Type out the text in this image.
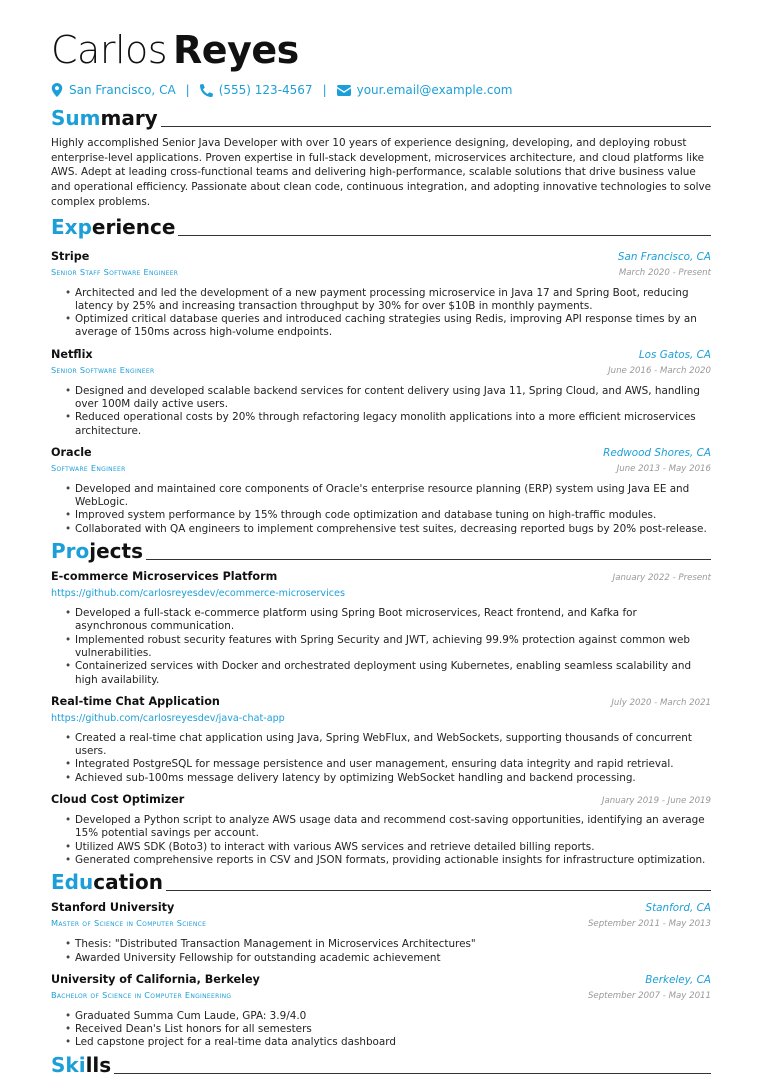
Carlos Reyes
San Francisco, CA | (555) 123-4567 |	your.email@example.com
Summary
Highly accomplished Senior Java Developer with over 10 years of experience designing, developing, and deploying robust enterprise-level applications. Proven expertise in full-stack development, microservices architecture, and cloud platforms like AWS. Adept at leading cross-functional teams and delivering high-performance, scalable solutions that drive business value and operational efficiency. Passionate about clean code, continuous integration, and adopting innovative technologies to solve complex problems.
Experience
Stripe	San Francisco, CA
Senior Staff Software Engineer	March 2020 - Present
• Architected and led the development of a new payment processing microservice in Java 17 and Spring Boot, reducing latency by 25% and increasing transaction throughput by 30% for over $10B in monthly payments.
• Optimized critical database queries and introduced caching strategies using Redis, improving API response times by an average of 150ms across high-volume endpoints.
Netflix	Los Gatos, CA
Senior Software Engineer	June 2016 - March 2020
• Designed and developed scalable backend services for content delivery using Java 11, Spring Cloud, and AWS, handling over 100M daily active users.
• Reduced operational costs by 20% through refactoring legacy monolith applications into a more efficient microservices architecture.
Oracle	Redwood Shores, CA
Software Engineer	June 2013 - May 2016
• Developed and maintained core components of Oracle's enterprise resource planning (ERP) system using Java EE and WebLogic.
• Improved system performance by 15% through code optimization and database tuning on high-traffic modules.
• Collaborated with QA engineers to implement comprehensive test suites, decreasing reported bugs by 20% post-release.
Projects
E-commerce Microservices Platform	January 2022 - Present
https://github.com/carlosreyesdev/ecommerce-microservices
• Developed a full-stack e-commerce platform using Spring Boot microservices, React frontend, and Kafka for asynchronous communication.
• Implemented robust security features with Spring Security and JWT, achieving 99.9% protection against common web vulnerabilities.
• Containerized services with Docker and orchestrated deployment using Kubernetes, enabling seamless scalability and high availability.
Real-time Chat Application	July 2020 - March 2021
https://github.com/carlosreyesdev/java-chat-app
• Created a real-time chat application using Java, Spring WebFlux, and WebSockets, supporting thousands of concurrent users.
• Integrated PostgreSQL for message persistence and user management, ensuring data integrity and rapid retrieval.
• Achieved sub-100ms message delivery latency by optimizing WebSocket handling and backend processing.
Cloud Cost Optimizer	January 2019 - June 2019
• Developed a Python script to analyze AWS usage data and recommend cost-saving opportunities, identifying an average 15% potential savings per account.
• Utilized AWS SDK (Boto3) to interact with various AWS services and retrieve detailed billing reports.
• Generated comprehensive reports in CSV and JSON formats, providing actionable insights for infrastructure optimization.
Education
Stanford University	Stanford, CA
Master of Science in Computer Science	September 2011 - May 2013
• Thesis: "Distributed Transaction Management in Microservices Architectures"
• Awarded University Fellowship for outstanding academic achievement
University of California, Berkeley	Berkeley, CA
Bachelor of Science in Computer Engineering	September 2007 - May 2011
• Graduated Summa Cum Laude, GPA: 3.9/4.0
• Received Dean's List honors for all semesters
• Led capstone project for a real-time data analytics dashboard
Skills
